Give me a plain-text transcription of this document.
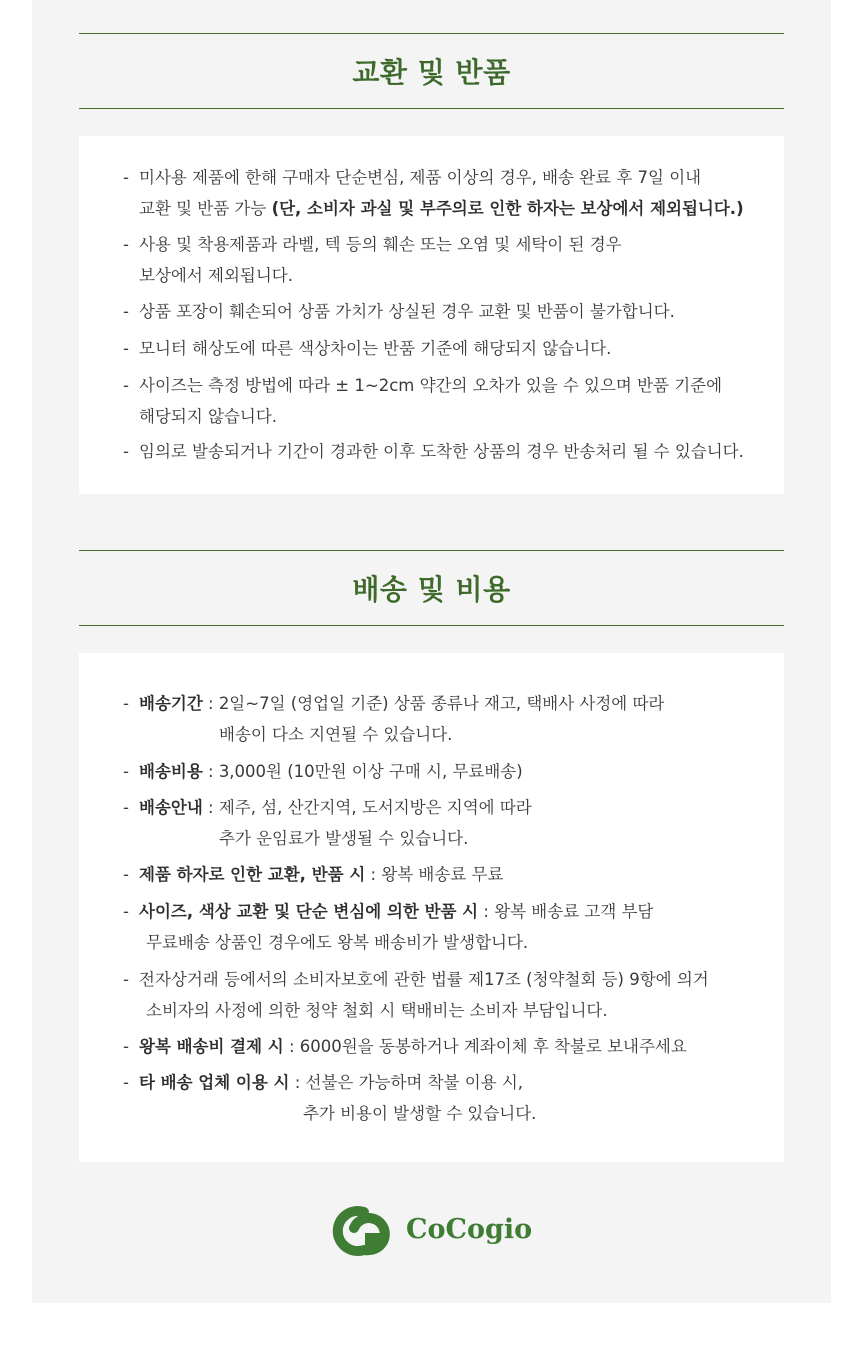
교환 및 반품
- 미사용 제품에 한해 구매자 단순변심, 제품 이상의 경우, 배송 완료 후 7일 이내
교환 및 반품 가능 (단, 소비자 과실 및 부주의로 인한 하자는 보상에서 제외됩니다.)
- 사용 및 착용제품과 라벨, 텍 등의 훼손 또는 오염 및 세탁이 된 경우
보상에서 제외됩니다.
- 상품 포장이 훼손되어 상품 가치가 상실된 경우 교환 및 반품이 불가합니다.
- 모니터 해상도에 따른 색상차이는 반품 기준에 해당되지 않습니다.
- 사이즈는 측정 방법에 따라 ± 1~2cm 약간의 오차가 있을 수 있으며 반품 기준에
해당되지 않습니다.
- 임의로 발송되거나 기간이 경과한 이후 도착한 상품의 경우 반송처리 될 수 있습니다.
배송 및 비용
- 배송기간 : 2일~7일 (영업일 기준) 상품 종류나 재고, 택배사 사정에 따라
배송이 다소 지연될 수 있습니다.
- 배송비용 : 3,000원 (10만원 이상 구매 시, 무료배송)
- 배송안내 : 제주, 섬, 산간지역, 도서지방은 지역에 따라
추가 운임료가 발생될 수 있습니다.
- 제품 하자로 인한 교환, 반품 시 : 왕복 배송료 무료
- 사이즈, 색상 교환 및 단순 변심에 의한 반품 시 : 왕복 배송료 고객 부담
무료배송 상품인 경우에도 왕복 배송비가 발생합니다.
- 전자상거래 등에서의 소비자보호에 관한 법률 제17조 (청약철회 등) 9항에 의거
소비자의 사정에 의한 청약 철회 시 택배비는 소비자 부담입니다.
- 왕복 배송비 결제 시 : 6000원을 동봉하거나 계좌이체 후 착불로 보내주세요
- 타 배송 업체 이용 시 : 선불은 가능하며 착불 이용 시,
추가 비용이 발생할 수 있습니다.
CoCogio
